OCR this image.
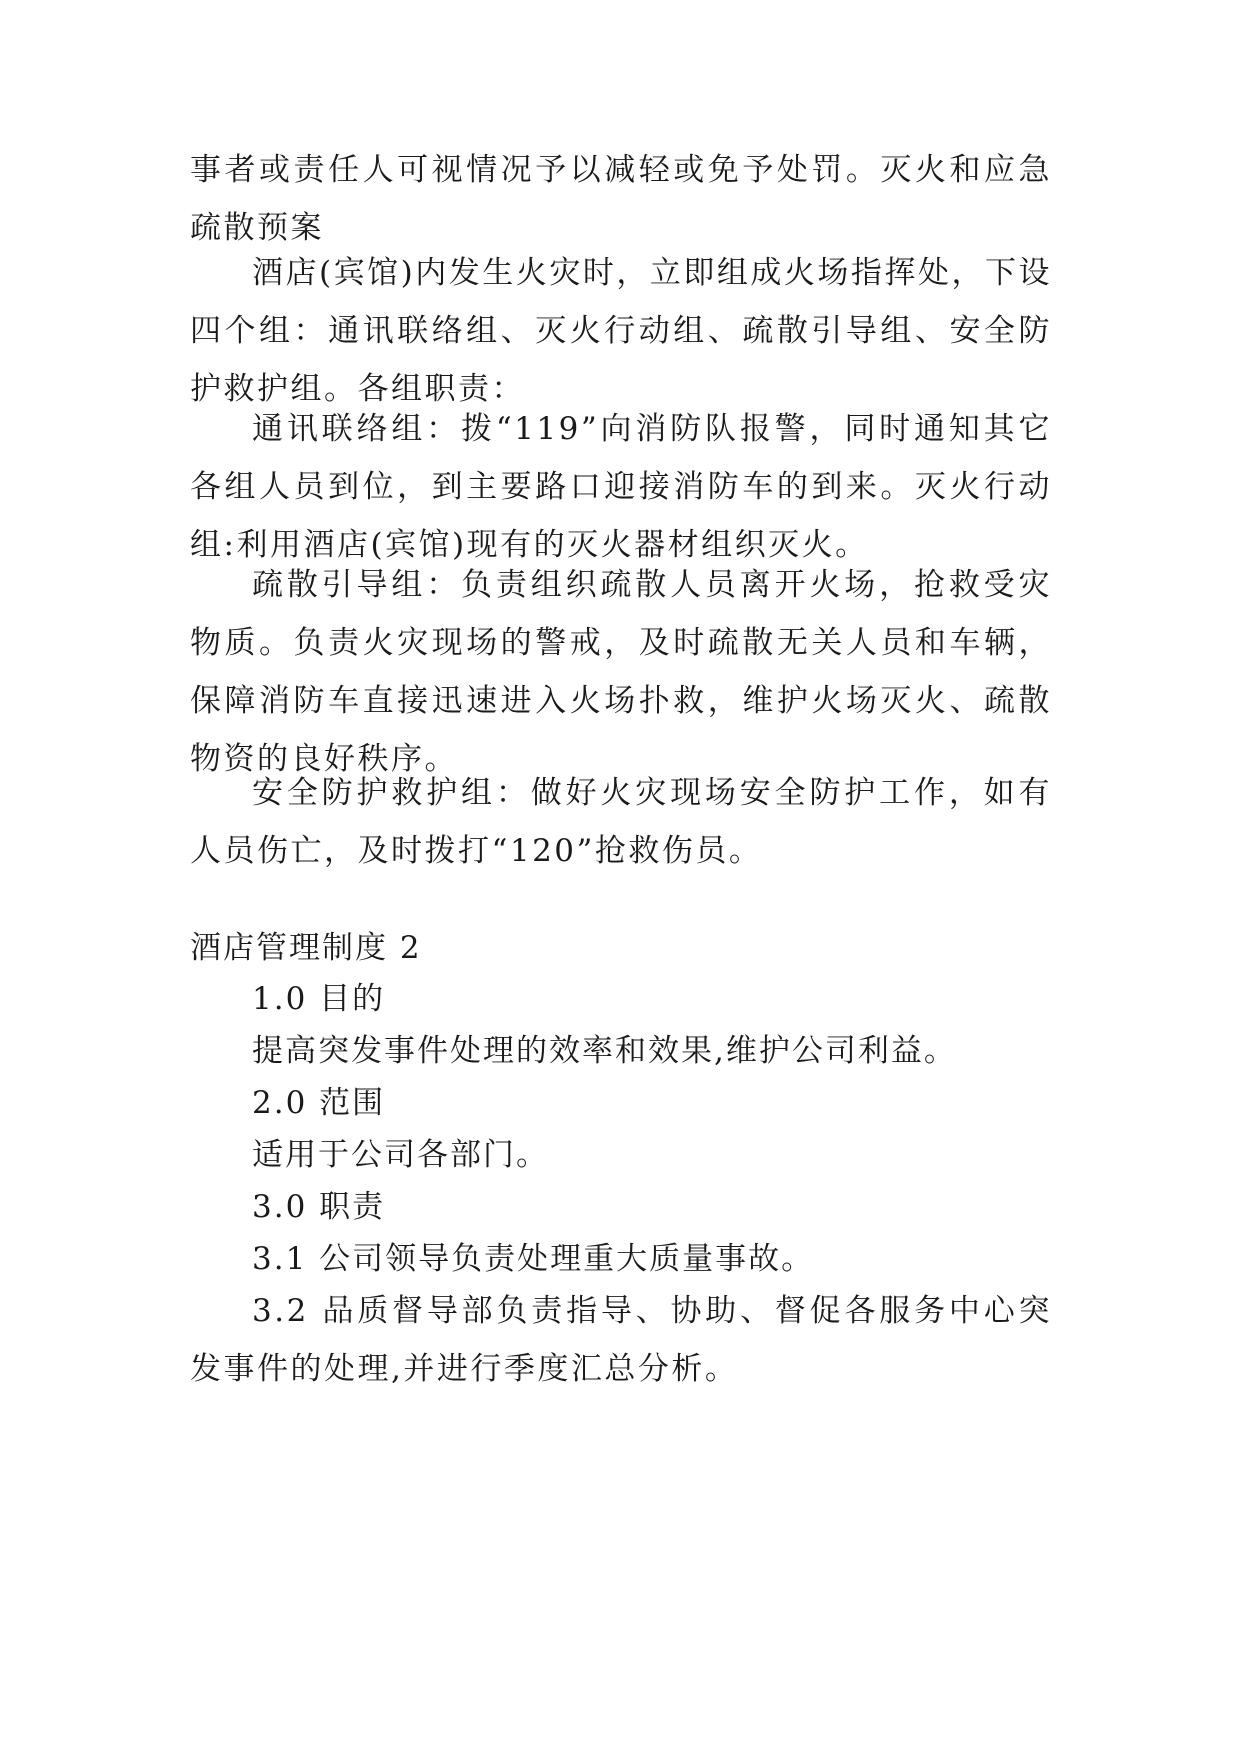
事者或责任人可视情况予以减轻或免予处罚。灭火和应急疏散预案

酒店(宾馆)内发生火灾时，立即组成火场指挥处，下设四个组：通讯联络组、灭火行动组、疏散引导组、安全防护救护组。各组职责：

通讯联络组：拨“119”向消防队报警，同时通知其它各组人员到位，到主要路口迎接消防车的到来。灭火行动组:利用酒店(宾馆)现有的灭火器材组织灭火。

疏散引导组：负责组织疏散人员离开火场，抢救受灾物质。负责火灾现场的警戒，及时疏散无关人员和车辆，保障消防车直接迅速进入火场扑救，维护火场灭火、疏散物资的良好秩序。

安全防护救护组：做好火灾现场安全防护工作，如有人员伤亡，及时拨打“120”抢救伤员。

酒店管理制度 2

1.0 目的

提高突发事件处理的效率和效果,维护公司利益。

2.0 范围

适用于公司各部门。

3.0 职责

3.1 公司领导负责处理重大质量事故。

3.2 品质督导部负责指导、协助、督促各服务中心突发事件的处理,并进行季度汇总分析。
